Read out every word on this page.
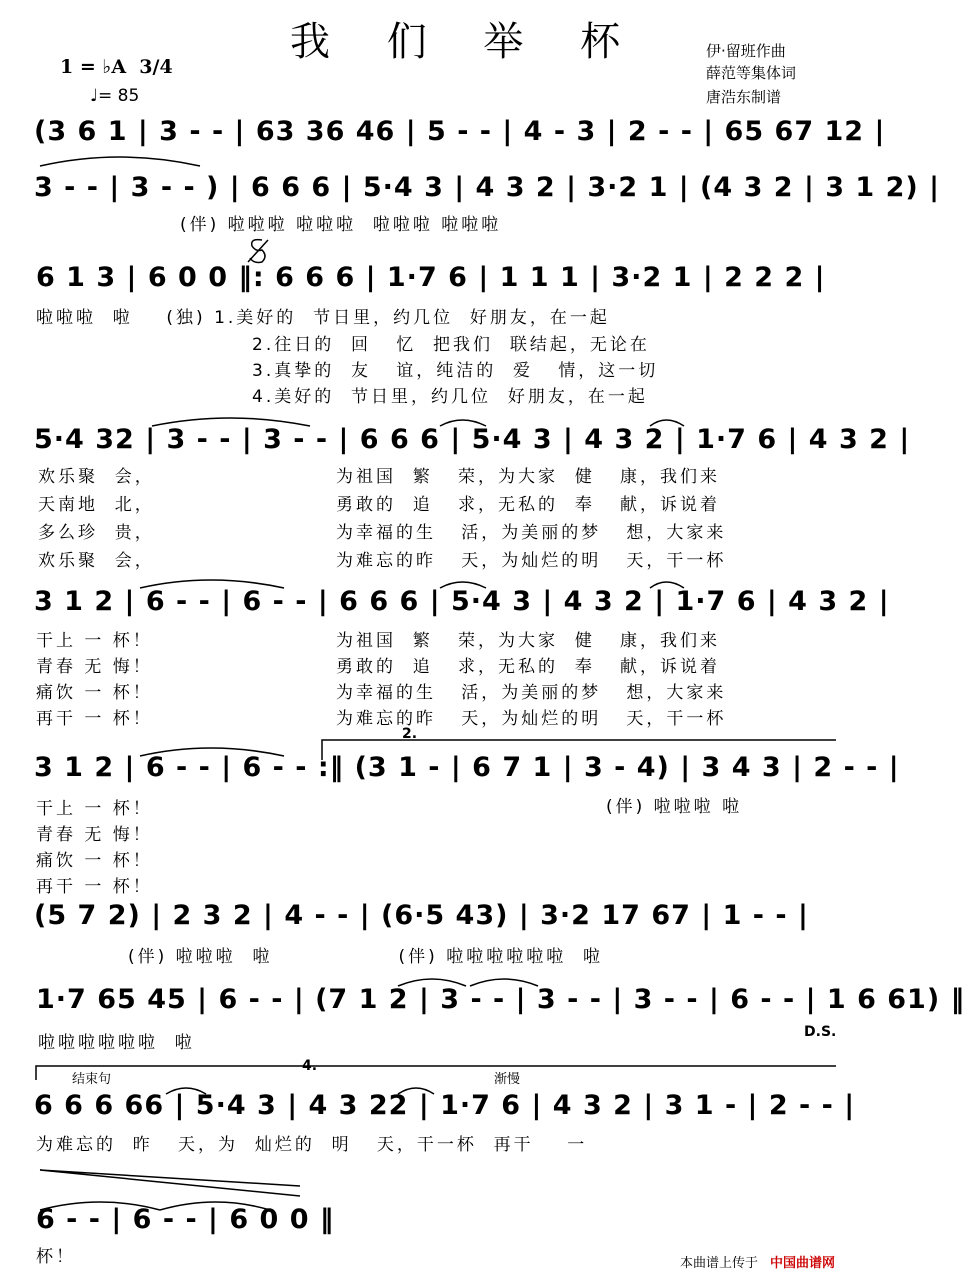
我 们 举 杯	伊·留班作曲
薛范等集体词
唐浩东制谱
1 = ♭A  3/4
♩= 85
(3 6 1 | 3 - - | 63 36 46 | 5 - - | 4 - 3 | 2 - - | 65 67 12 |
3 - - | 3 - - ) | 6 6 6 | 5·4 3 | 4 3 2 | 3·2 1 | (4 3 2 | 3 1 2) |
(伴) 啦啦啦 啦啦啦  啦啦啦 啦啦啦
6 1 3 | 6 0 0 ‖: 6 6 6 | 1·7 6 | 1 1 1 | 3·2 1 | 2 2 2 |
啦啦啦  啦    (独) 1.美好的  节日里，约几位  好朋友，在一起
2.往日的  回   忆  把我们  联结起，无论在
3.真挚的  友   谊，纯洁的  爱   情，这一切
4.美好的  节日里，约几位  好朋友，在一起
5·4 32 | 3 - - | 3 - - | 6 6 6 | 5·4 3 | 4 3 2 | 1·7 6 | 4 3 2 |
欢乐聚  会，
天南地  北，
多么珍  贵，
欢乐聚  会，
为祖国  繁   荣，为大家  健   康，我们来
勇敢的  追   求，无私的  奉   献，诉说着
为幸福的生   活，为美丽的梦   想，大家来
为难忘的昨   天，为灿烂的明   天，干一杯
3 1 2 | 6 - - | 6 - - | 6 6 6 | 5·4 3 | 4 3 2 | 1·7 6 | 4 3 2 |
干上 一 杯！
青春 无 悔！
痛饮 一 杯！
再干 一 杯！
为祖国  繁   荣，为大家  健   康，我们来
勇敢的  追   求，无私的  奉   献，诉说着
为幸福的生   活，为美丽的梦   想，大家来
为难忘的昨   天，为灿烂的明   天，干一杯
2.
3 1 2 | 6 - - | 6 - - :‖ (3 1 - | 6 7 1 | 3 - 4) | 3 4 3 | 2 - - |
干上 一 杯！
青春 无 悔！
痛饮 一 杯！
再干 一 杯！
(伴) 啦啦啦 啦
(5 7 2) | 2 3 2 | 4 - - | (6·5 43) | 3·2 17 67 | 1 - - |
(伴) 啦啦啦  啦               (伴) 啦啦啦啦啦啦  啦
1·7 65 45 | 6 - - | (7 1 2 | 3 - - | 3 - - | 3 - - | 6 - - | 1 6 61) ‖
D.S.
啦啦啦啦啦啦  啦
4.
结束句	渐慢
6 6 6 66 | 5·4 3 | 4 3 22 | 1·7 6 | 4 3 2 | 3 1 - | 2 - - |
为难忘的  昨   天，为  灿烂的  明   天，干一杯  再干    一
6 - - | 6 - - | 6 0 0 ‖
杯！	本曲谱上传于 中国曲谱网
